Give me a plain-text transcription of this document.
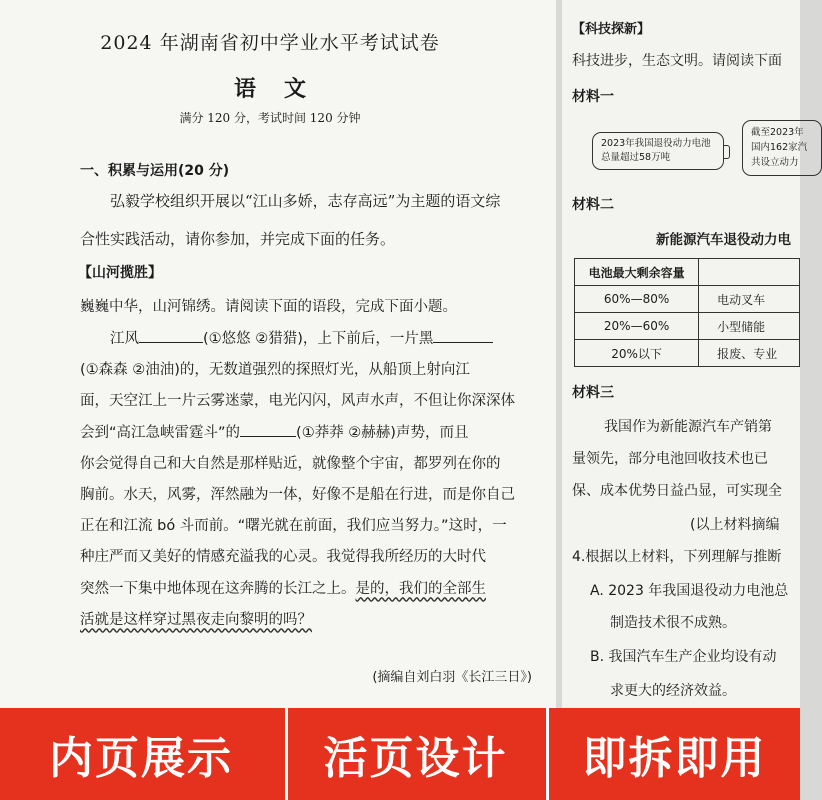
2024 年湖南省初中学业水平考试试卷
语文
满分 120 分，考试时间 120 分钟
一、积累与运用(20 分)
弘毅学校组织开展以“江山多娇，志存高远”为主题的语文综
合性实践活动，请你参加，并完成下面的任务。
【山河揽胜】
巍巍中华，山河锦绣。请阅读下面的语段，完成下面小题。
江风	(①悠悠 ②猎猎)，上下前后，一片黑
(①森森 ②油油)的，无数道强烈的探照灯光，从船顶上射向江
面，天空江上一片云雾迷蒙，电光闪闪，风声水声，不但让你深深体
会到“高江急峡雷霆斗”的	(①莽莽 ②赫赫)声势，而且
你会觉得自己和大自然是那样贴近，就像整个宇宙，都罗列在你的
胸前。水天，风雾，浑然融为一体，好像不是船在行进，而是你自己
正在和江流 bó 斗而前。“曙光就在前面，我们应当努力。”这时，一
种庄严而又美好的情感充溢我的心灵。我觉得我所经历的大时代
突然一下集中地体现在这奔腾的长江之上。是的，我们的全部生
活就是这样穿过黑夜走向黎明的吗？
(摘编自刘白羽《长江三日》)
【科技探新】
科技进步，生态文明。请阅读下面
材料一
2023年我国退役动力电池
总量超过58万吨
截至2023年
国内162家汽
共设立动力
材料二
新能源汽车退役动力电
电池最大剩余容量	
60%—80%	电动叉车
20%—60%	小型储能
20%以下	报废、专业
材料三
我国作为新能源汽车产销第
量领先，部分电池回收技术也已
保、成本优势日益凸显，可实现全
(以上材料摘编
4.根据以上材料，下列理解与推断
A. 2023 年我国退役动力电池总
制造技术很不成熟。
B. 我国汽车生产企业均设有动
求更大的经济效益。
内页展示	活页设计	即拆即用
